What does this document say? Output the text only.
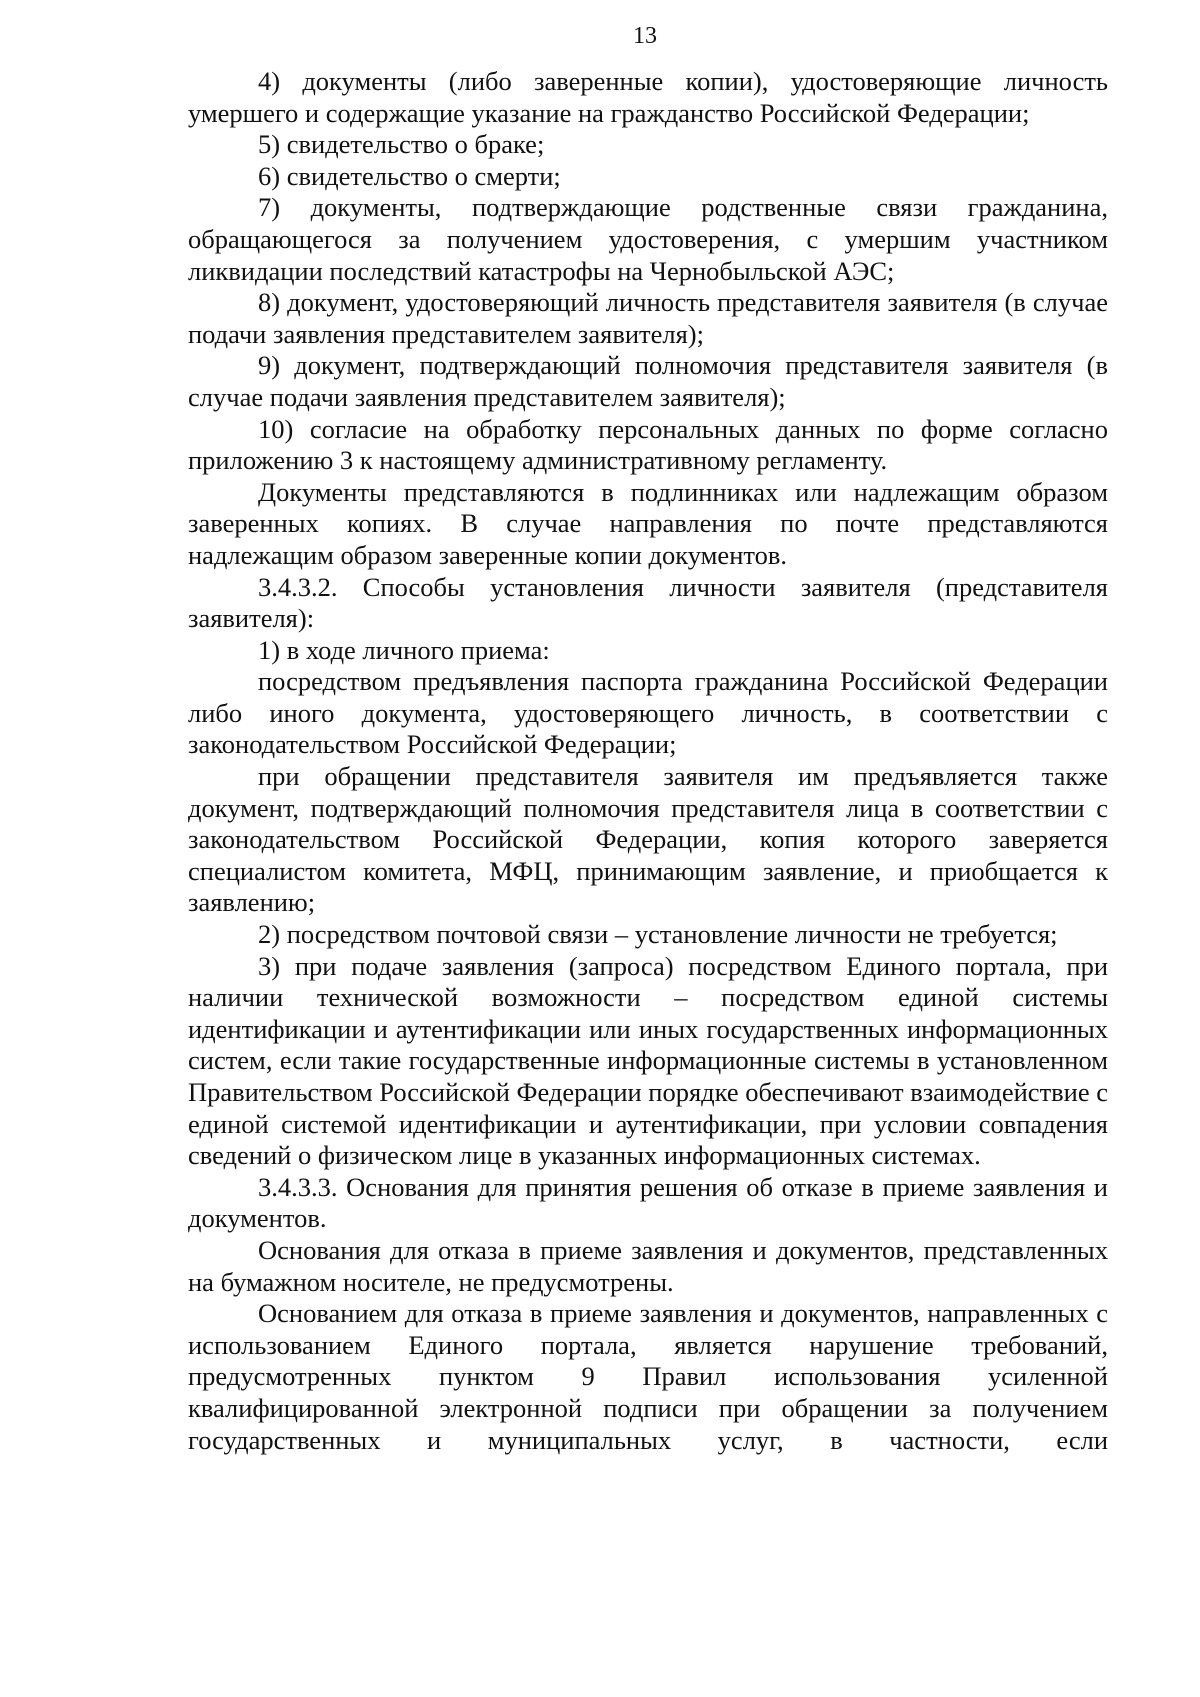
13

4) документы (либо заверенные копии), удостоверяющие личность умершего и содержащие указание на гражданство Российской Федерации;

5) свидетельство о браке;

6) свидетельство о смерти;

7) документы, подтверждающие родственные связи гражданина, обращающегося за получением удостоверения, с умершим участником ликвидации последствий катастрофы на Чернобыльской АЭС;

8) документ, удостоверяющий личность представителя заявителя (в случае подачи заявления представителем заявителя);

9) документ, подтверждающий полномочия представителя заявителя (в случае подачи заявления представителем заявителя);

10) согласие на обработку персональных данных по форме согласно приложению 3 к настоящему административному регламенту.

Документы представляются в подлинниках или надлежащим образом заверенных копиях. В случае направления по почте представляются надлежащим образом заверенные копии документов.

3.4.3.2. Способы установления личности заявителя (представителя заявителя):

1) в ходе личного приема:

посредством предъявления паспорта гражданина Российской Федерации либо иного документа, удостоверяющего личность, в соответствии с законодательством Российской Федерации;

при обращении представителя заявителя им предъявляется также документ, подтверждающий полномочия представителя лица в соответствии с законодательством Российской Федерации, копия которого заверяется специалистом комитета, МФЦ, принимающим заявление, и приобщается к заявлению;

2) посредством почтовой связи – установление личности не требуется;

3) при подаче заявления (запроса) посредством Единого портала, при наличии технической возможности – посредством единой системы идентификации и аутентификации или иных государственных информационных систем, если такие государственные информационные системы в установленном Правительством Российской Федерации порядке обеспечивают взаимодействие с единой системой идентификации и аутентификации, при условии совпадения сведений о физическом лице в указанных информационных системах.

3.4.3.3. Основания для принятия решения об отказе в приеме заявления и документов.

Основания для отказа в приеме заявления и документов, представленных на бумажном носителе, не предусмотрены.

Основанием для отказа в приеме заявления и документов, направленных с использованием Единого портала, является нарушение требований, предусмотренных пунктом 9 Правил использования усиленной квалифицированной электронной подписи при обращении за получением государственных и муниципальных услуг, в частности, если
